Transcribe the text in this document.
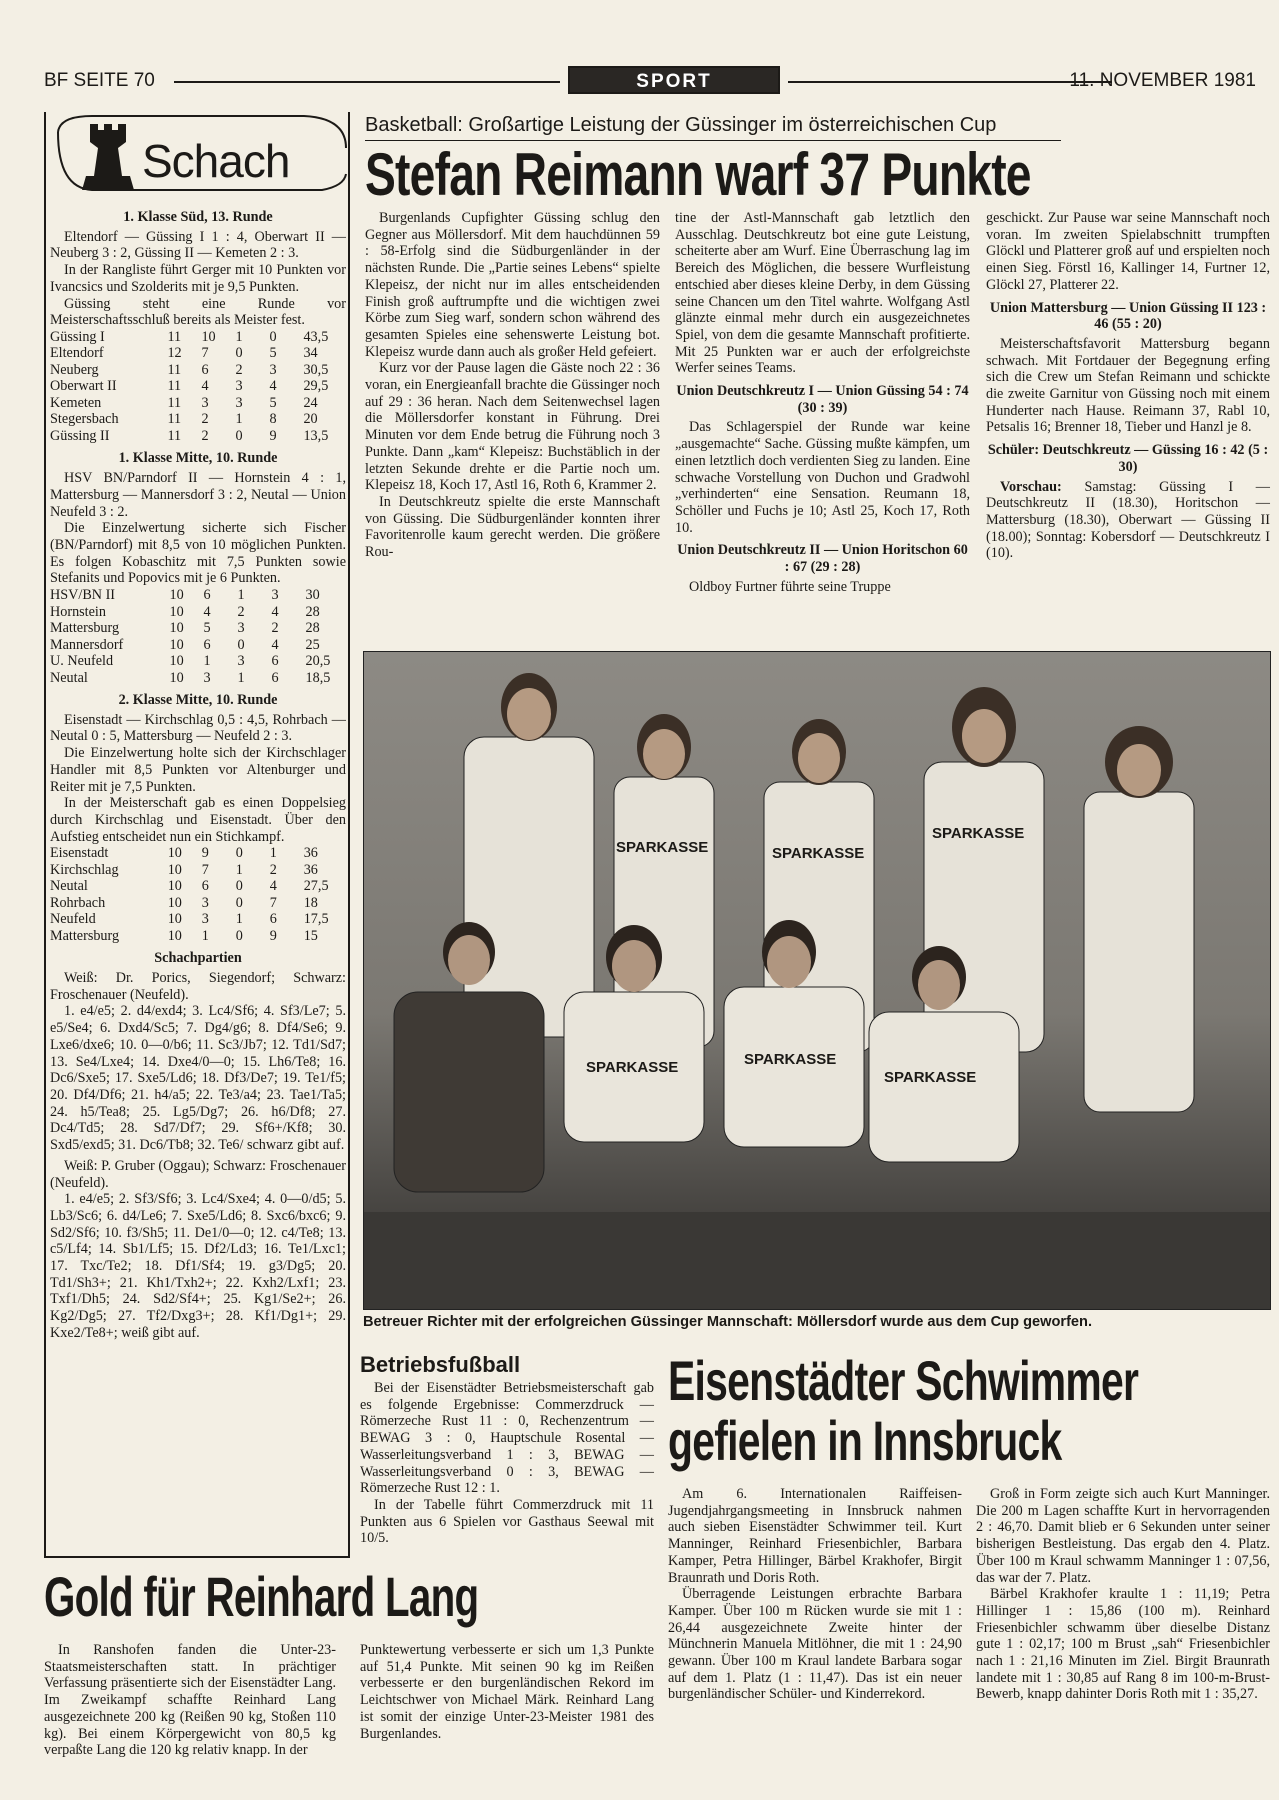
BF SEITE 70	SPORT	11. NOVEMBER 1981
Schach
1. Klasse Süd, 13. Runde

Eltendorf — Güssing I 1 : 4, Oberwart II — Neuberg 3 : 2, Güssing II — Kemeten 2 : 3.

In der Rangliste führt Gerger mit 10 Punkten vor Ivancsics und Szolderits mit je 9,5 Punkten.

Güssing steht eine Runde vor Meisterschaftsschluß bereits als Meister fest.

Güssing I	11	10	1	0	43,5
Eltendorf	12	7	0	5	34
Neuberg	11	6	2	3	30,5
Oberwart II	11	4	3	4	29,5
Kemeten	11	3	3	5	24
Stegersbach	11	2	1	8	20
Güssing II	11	2	0	9	13,5
1. Klasse Mitte, 10. Runde

HSV BN/Parndorf II — Hornstein 4 : 1, Mattersburg — Mannersdorf 3 : 2, Neutal — Union Neufeld 3 : 2.

Die Einzelwertung sicherte sich Fischer (BN/Parndorf) mit 8,5 von 10 möglichen Punkten. Es folgen Kobaschitz mit 7,5 Punkten sowie Stefanits und Popovics mit je 6 Punkten.

HSV/BN II	10	6	1	3	30
Hornstein	10	4	2	4	28
Mattersburg	10	5	3	2	28
Mannersdorf	10	6	0	4	25
U. Neufeld	10	1	3	6	20,5
Neutal	10	3	1	6	18,5
2. Klasse Mitte, 10. Runde

Eisenstadt — Kirchschlag 0,5 : 4,5, Rohrbach — Neutal 0 : 5, Mattersburg — Neufeld 2 : 3.

Die Einzelwertung holte sich der Kirchschlager Handler mit 8,5 Punkten vor Altenburger und Reiter mit je 7,5 Punkten.

In der Meisterschaft gab es einen Doppelsieg durch Kirchschlag und Eisenstadt. Über den Aufstieg entscheidet nun ein Stichkampf.

Eisenstadt	10	9	0	1	36
Kirchschlag	10	7	1	2	36
Neutal	10	6	0	4	27,5
Rohrbach	10	3	0	7	18
Neufeld	10	3	1	6	17,5
Mattersburg	10	1	0	9	15
Schachpartien

Weiß: Dr. Porics, Siegendorf; Schwarz: Froschenauer (Neufeld).

1. e4/e5; 2. d4/exd4; 3. Lc4/Sf6; 4. Sf3/Le7; 5. e5/Se4; 6. Dxd4/Sc5; 7. Dg4/g6; 8. Df4/Se6; 9. Lxe6/dxe6; 10. 0—0/b6; 11. Sc3/Jb7; 12. Td1/Sd7; 13. Se4/Lxe4; 14. Dxe4/0—0; 15. Lh6/Te8; 16. Dc6/Sxe5; 17. Sxe5/Ld6; 18. Df3/De7; 19. Te1/f5; 20. Df4/Df6; 21. h4/a5; 22. Te3/a4; 23. Tae1/Ta5; 24. h5/Tea8; 25. Lg5/Dg7; 26. h6/Df8; 27. Dc4/Td5; 28. Sd7/Df7; 29. Sf6+/Kf8; 30. Sxd5/exd5; 31. Dc6/Tb8; 32. Te6/ schwarz gibt auf.

Weiß: P. Gruber (Oggau); Schwarz: Froschenauer (Neufeld).

1. e4/e5; 2. Sf3/Sf6; 3. Lc4/Sxe4; 4. 0—0/d5; 5. Lb3/Sc6; 6. d4/Le6; 7. Sxe5/Ld6; 8. Sxc6/bxc6; 9. Sd2/Sf6; 10. f3/Sh5; 11. De1/0—0; 12. c4/Te8; 13. c5/Lf4; 14. Sb1/Lf5; 15. Df2/Ld3; 16. Te1/Lxc1; 17. Txc/Te2; 18. Df1/Sf4; 19. g3/Dg5; 20. Td1/Sh3+; 21. Kh1/Txh2+; 22. Kxh2/Lxf1; 23. Txf1/Dh5; 24. Sd2/Sf4+; 25. Kg1/Se2+; 26. Kg2/Dg5; 27. Tf2/Dxg3+; 28. Kf1/Dg1+; 29. Kxe2/Te8+; weiß gibt auf.

Basketball: Großartige Leistung der Güssinger im österreichischen Cup
Stefan Reimann warf 37 Punkte

Burgenlands Cupfighter Güssing schlug den Gegner aus Möllersdorf. Mit dem hauchdünnen 59 : 58-Erfolg sind die Südburgenländer in der nächsten Runde. Die „Partie seines Lebens“ spielte Klepeisz, der nicht nur im alles entscheidenden Finish groß auftrumpfte und die wichtigen zwei Körbe zum Sieg warf, sondern schon während des gesamten Spieles eine sehenswerte Leistung bot. Klepeisz wurde dann auch als großer Held gefeiert.

Kurz vor der Pause lagen die Gäste noch 22 : 36 voran, ein Energieanfall brachte die Güssinger noch auf 29 : 36 heran. Nach dem Seitenwechsel lagen die Möllersdorfer konstant in Führung. Drei Minuten vor dem Ende betrug die Führung noch 3 Punkte. Dann „kam“ Klepeisz: Buchstäblich in der letzten Sekunde drehte er die Partie noch um. Klepeisz 18, Koch 17, Astl 16, Roth 6, Krammer 2.

In Deutschkreutz spielte die erste Mannschaft von Güssing. Die Südburgenländer konnten ihrer Favoritenrolle kaum gerecht werden. Die größere Rou-

tine der Astl-Mannschaft gab letztlich den Ausschlag. Deutschkreutz bot eine gute Leistung, scheiterte aber am Wurf. Eine Überraschung lag im Bereich des Möglichen, die bessere Wurfleistung entschied aber dieses kleine Derby, in dem Güssing seine Chancen um den Titel wahrte. Wolfgang Astl glänzte einmal mehr durch ein ausgezeichnetes Spiel, von dem die gesamte Mannschaft profitierte. Mit 25 Punkten war er auch der erfolgreichste Werfer seines Teams.

Union Deutschkreutz I — Union Güssing 54 : 74 (30 : 39)

Das Schlagerspiel der Runde war keine „ausgemachte“ Sache. Güssing mußte kämpfen, um einen letztlich doch verdienten Sieg zu landen. Eine schwache Vorstellung von Duchon und Gradwohl „verhinderten“ eine Sensation. Reumann 18, Schöller und Fuchs je 10; Astl 25, Koch 17, Roth 10.

Union Deutschkreutz II — Union Horitschon 60 : 67 (29 : 28)

Oldboy Furtner führte seine Truppe

geschickt. Zur Pause war seine Mannschaft noch voran. Im zweiten Spielabschnitt trumpften Glöckl und Platterer groß auf und erspielten noch einen Sieg. Förstl 16, Kallinger 14, Furtner 12, Glöckl 27, Platterer 22.

Union Mattersburg — Union Güssing II 123 : 46 (55 : 20)

Meisterschaftsfavorit Mattersburg begann schwach. Mit Fortdauer der Begegnung erfing sich die Crew um Stefan Reimann und schickte die zweite Garnitur von Güssing noch mit einem Hunderter nach Hause. Reimann 37, Rabl 10, Petsalis 16; Brenner 18, Tieber und Hanzl je 8.

Schüler: Deutschkreutz — Güssing 16 : 42 (5 : 30)

Vorschau: Samstag: Güssing I — Deutschkreutz II (18.30), Horitschon — Mattersburg (18.30), Oberwart — Güssing II (18.00); Sonntag: Kobersdorf — Deutschkreutz I (10).

SPARKASSE	SPARKASSE
SPARKASSE
SPARKASSE	SPARKASSE
SPARKASSE
Betreuer Richter mit der erfolgreichen Güssinger Mannschaft: Möllersdorf wurde aus dem Cup geworfen.
Betriebsfußball

Bei der Eisenstädter Betriebsmeisterschaft gab es folgende Ergebnisse: Commerzdruck — Römerzeche Rust 11 : 0, Rechenzentrum — BEWAG 3 : 0, Hauptschule Rosental — Wasserleitungsverband 1 : 3, BEWAG — Wasserleitungsverband 0 : 3, BEWAG — Römerzeche Rust 12 : 1.

In der Tabelle führt Commerzdruck mit 11 Punkten aus 6 Spielen vor Gasthaus Seewal mit 10/5.

Eisenstädter Schwimmer
gefielen in Innsbruck

Am 6. Internationalen Raiffeisen-Jugendjahrgangsmeeting in Innsbruck nahmen auch sieben Eisenstädter Schwimmer teil. Kurt Manninger, Reinhard Friesenbichler, Barbara Kamper, Petra Hillinger, Bärbel Krakhofer, Birgit Braunrath und Doris Roth.

Überragende Leistungen erbrachte Barbara Kamper. Über 100 m Rücken wurde sie mit 1 : 26,44 ausgezeichnete Zweite hinter der Münchnerin Manuela Mitlöhner, die mit 1 : 24,90 gewann. Über 100 m Kraul landete Barbara sogar auf dem 1. Platz (1 : 11,47). Das ist ein neuer burgenländischer Schüler- und Kinderrekord.

Groß in Form zeigte sich auch Kurt Manninger. Die 200 m Lagen schaffte Kurt in hervorragenden 2 : 46,70. Damit blieb er 6 Sekunden unter seiner bisherigen Bestleistung. Das ergab den 4. Platz. Über 100 m Kraul schwamm Manninger 1 : 07,56, das war der 7. Platz.

Bärbel Krakhofer kraulte 1 : 11,19; Petra Hillinger 1 : 15,86 (100 m). Reinhard Friesenbichler schwamm über dieselbe Distanz gute 1 : 02,17; 100 m Brust „sah“ Friesenbichler nach 1 : 21,16 Minuten im Ziel. Birgit Braunrath landete mit 1 : 30,85 auf Rang 8 im 100-m-Brust-Bewerb, knapp dahinter Doris Roth mit 1 : 35,27.

Gold für Reinhard Lang

In Ranshofen fanden die Unter-23-Staatsmeisterschaften statt. In prächtiger Verfassung präsentierte sich der Eisenstädter Lang. Im Zweikampf schaffte Reinhard Lang ausgezeichnete 200 kg (Reißen 90 kg, Stoßen 110 kg). Bei einem Körpergewicht von 80,5 kg verpaßte Lang die 120 kg relativ knapp. In der

Punktewertung verbesserte er sich um 1,3 Punkte auf 51,4 Punkte. Mit seinen 90 kg im Reißen verbesserte er den burgenländischen Rekord im Leichtschwer von Michael Märk. Reinhard Lang ist somit der einzige Unter-23-Meister 1981 des Burgenlandes.
